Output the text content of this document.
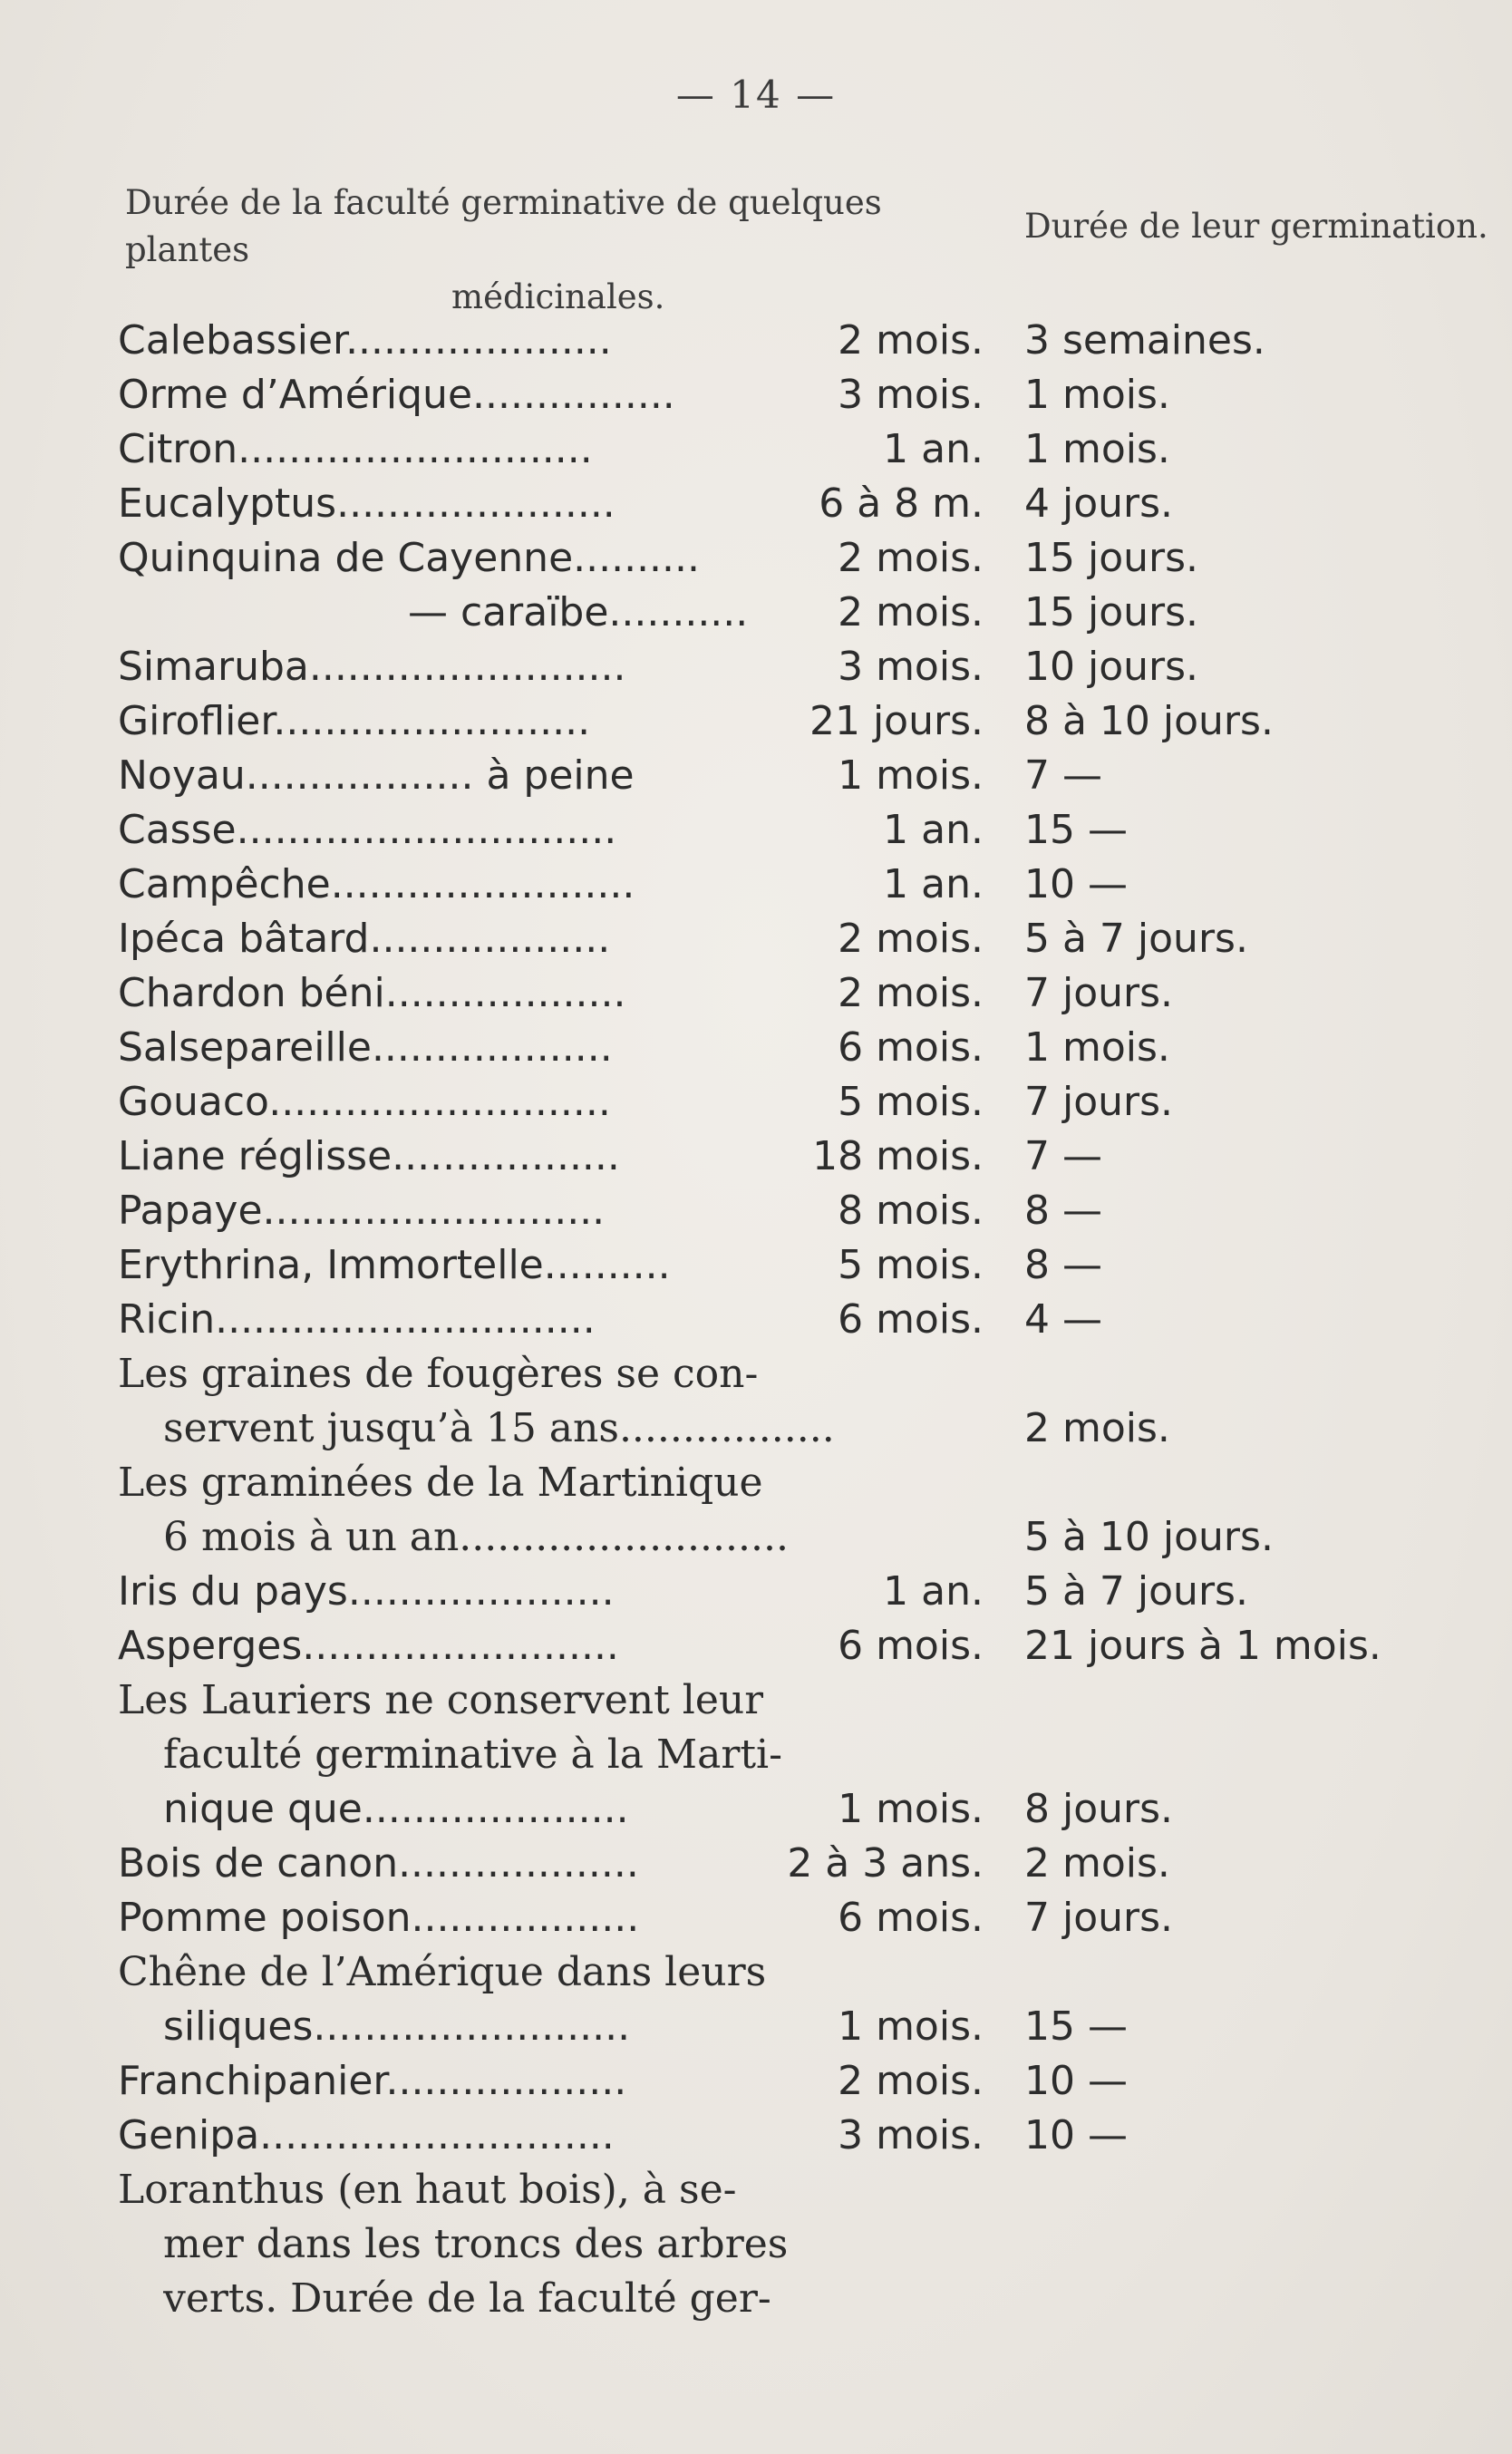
— 14 —
Durée de la faculté germinative de quelques plantes
médicinales.
Durée de leur germination.
Calebassier.....................	2 mois. 3 semaines.
Orme d’Amérique................	3 mois. 1 mois.
Citron............................	1 an. 1 mois.
Eucalyptus......................	6 à 8 m. 4 jours.
Quinquina de Cayenne..........	2 mois. 15 jours.
— caraïbe........... 2 mois. 15 jours.
Simaruba.........................	3 mois. 10 jours.
Giroflier.........................	21 jours. 8 à 10 jours.
Noyau.................. à peine	1 mois. 7 —
Casse..............................	1 an. 15 —
Campêche........................	1 an. 10 —
Ipéca bâtard...................	2 mois. 5 à 7 jours.
Chardon béni...................	2 mois. 7 jours.
Salsepareille...................	6 mois. 1 mois.
Gouaco...........................	5 mois. 7 jours.
Liane réglisse..................	18 mois. 7 —
Papaye...........................	8 mois. 8 —
Erythrina, Immortelle..........	5 mois. 8 —
Ricin..............................	6 mois. 4 —
Les graines de fougères se con-
servent jusqu’à 15 ans.................	2 mois.
Les graminées de la Martinique
6 mois à un an..........................	5 à 10 jours.
Iris du pays.....................	1 an. 5 à 7 jours.
Asperges.........................	6 mois. 21 jours à 1 mois.
Les Lauriers ne conservent leur
faculté germinative à la Marti-
nique que.....................	1 mois. 8 jours.
Bois de canon...................	2 à 3 ans. 2 mois.
Pomme poison..................	6 mois. 7 jours.
Chêne de l’Amérique dans leurs
siliques.........................	1 mois. 15 —
Franchipanier...................	2 mois. 10 —
Genipa............................	3 mois. 10 —
Loranthus (en haut bois), à se-
mer dans les troncs des arbres
verts. Durée de la faculté ger-
